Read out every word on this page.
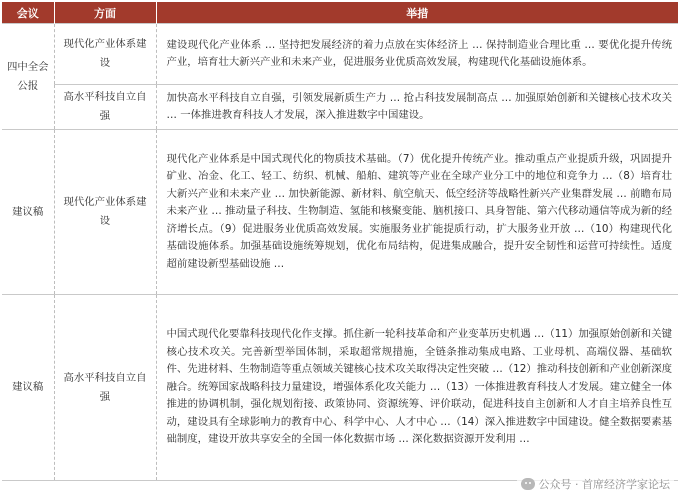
会议	方面	举措
四中全会公报	现代化产业体系建设	建设现代化产业体系 … 坚持把发展经济的着力点放在实体经济上 … 保持制造业合理比重 … 要优化提升传统产业，培育壮大新兴产业和未来产业，促进服务业优质高效发展，构建现代化基础设施体系。
	高水平科技自立自强	加快高水平科技自立自强，引领发展新质生产力 … 抢占科技发展制高点 … 加强原始创新和关键核心技术攻关 … 一体推进教育科技人才发展，深入推进数字中国建设。
建议稿	现代化产业体系建设	现代化产业体系是中国式现代化的物质技术基础。（7）优化提升传统产业。推动重点产业提质升级，巩固提升矿业、冶金、化工、轻工、纺织、机械、船舶、建筑等产业在全球产业分工中的地位和竞争力 …（8）培育壮大新兴产业和未来产业 … 加快新能源、新材料、航空航天、低空经济等战略性新兴产业集群发展 … 前瞻布局未来产业 … 推动量子科技、生物制造、氢能和核聚变能、脑机接口、具身智能、第六代移动通信等成为新的经济增长点。（9）促进服务业优质高效发展。实施服务业扩能提质行动，扩大服务业开放 …（10）构建现代化基础设施体系。加强基础设施统筹规划，优化布局结构，促进集成融合，提升安全韧性和运营可持续性。适度超前建设新型基础设施 …
建议稿	高水平科技自立自强	中国式现代化要靠科技现代化作支撑。抓住新一轮科技革命和产业变革历史机遇 …（11）加强原始创新和关键核心技术攻关。完善新型举国体制，采取超常规措施，全链条推动集成电路、工业母机、高端仪器、基础软件、先进材料、生物制造等重点领域关键核心技术攻关取得决定性突破 …（12）推动科技创新和产业创新深度融合。统筹国家战略科技力量建设，增强体系化攻关能力 …（13）一体推进教育科技人才发展。建立健全一体推进的协调机制，强化规划衔接、政策协同、资源统筹、评价联动，促进科技自主创新和人才自主培养良性互动，建设具有全球影响力的教育中心、科学中心、人才中心 …（14）深入推进数字中国建设。健全数据要素基础制度，建设开放共享安全的全国一体化数据市场 … 深化数据资源开发利用 …
公众号 · 首席经济学家论坛
